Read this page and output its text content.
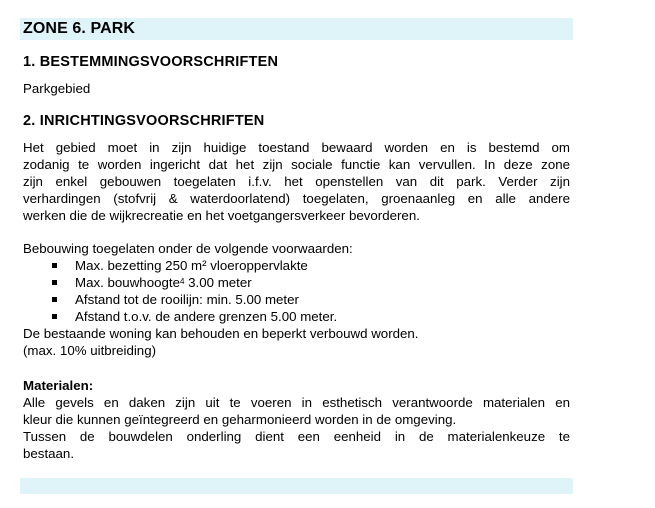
ZONE 6. PARK
1. BESTEMMINGSVOORSCHRIFTEN
Parkgebied
2. INRICHTINGSVOORSCHRIFTEN
Het gebied moet in zijn huidige toestand bewaard worden en is bestemd om
zodanig te worden ingericht dat het zijn sociale functie kan vervullen. In deze zone
zijn enkel gebouwen toegelaten i.f.v. het openstellen van dit park. Verder zijn
verhardingen (stofvrij & waterdoorlatend) toegelaten, groenaanleg en alle andere
werken die de wijkrecreatie en het voetgangersverkeer bevorderen.
Bebouwing toegelaten onder de volgende voorwaarden:
Max. bezetting 250 m² vloeroppervlakte
Max. bouwhoogte$^4$ 3.00 meter
Afstand tot de rooilijn: min. 5.00 meter
Afstand t.o.v. de andere grenzen 5.00 meter.
De bestaande woning kan behouden en beperkt verbouwd worden.
(max. 10% uitbreiding)
Materialen:
Alle gevels en daken zijn uit te voeren in esthetisch verantwoorde materialen en
kleur die kunnen geïntegreerd en geharmonieerd worden in de omgeving.
Tussen de bouwdelen onderling dient een eenheid in de materialenkeuze te
bestaan.
